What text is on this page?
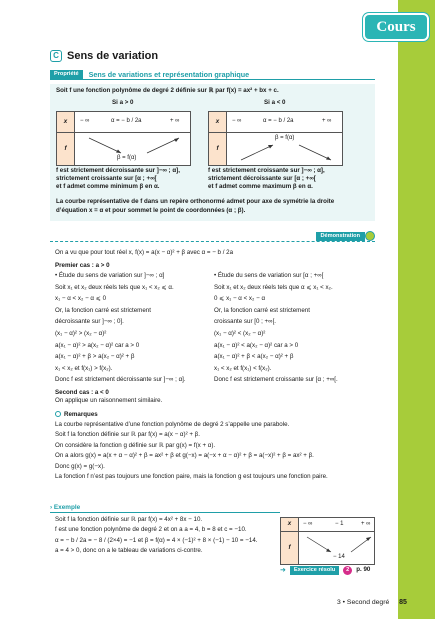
Cours
C Sens de variation
Propriété	Sens de variations et représentation graphique
Soit f une fonction polynôme de degré 2 définie sur ℝ par f(x) = ax² + bx + c.
Si a > 0	Si a < 0
x	− ∞	α = − b / 2a	+ ∞
f
β = f(α)
x	− ∞	α = − b / 2a	+ ∞
f
β = f(α)
f est strictement décroissante sur ]−∞ ; α],
strictement croissante sur [α ; +∞[
et f admet comme minimum β en α.
f est strictement croissante sur ]−∞ ; α],
strictement décroissante sur [α ; +∞[
et f admet comme maximum β en α.
La courbe représentative de f dans un repère orthonormé admet pour axe de symétrie la droite
d’équation x = α et pour sommet le point de coordonnées (α ; β).
Démonstration
On a vu que pour tout réel x, f(x) = a(x − α)² + β avec α = − b / 2a
Premier cas : a > 0
• Étude du sens de variation sur ]−∞ ; α]
Soit x₁ et x₂ deux réels tels que x₁ < x₂ ⩽ α.
x₁ − α < x₂ − α ⩽ 0
Or, la fonction carré est strictement
décroissante sur ]−∞ ; 0].
(x₁ − α)² > (x₂ − α)²
a(x₁ − α)² > a(x₂ − α)² car a > 0
a(x₁ − α)² + β > a(x₂ − α)² + β
x₁ < x₂ et f(x₁) > f(x₂).
Donc f est strictement décroissante sur ]−∞ ; α].
• Étude du sens de variation sur [α ; +∞[
Soit x₁ et x₂ deux réels tels que α ⩽ x₁ < x₂.
0 ⩽ x₁ − α < x₂ − α
Or, la fonction carré est strictement
croissante sur [0 ; +∞[.
(x₁ − α)² < (x₂ − α)²
a(x₁ − α)² < a(x₂ − α)² car a > 0
a(x₁ − α)² + β < a(x₂ − α)² + β
x₁ < x₂ et f(x₁) < f(x₂).
Donc f est strictement croissante sur [α ; +∞[.
Second cas : a < 0
On applique un raisonnement similaire.
Remarques
La courbe représentative d’une fonction polynôme de degré 2 s’appelle une parabole.
Soit f la fonction définie sur ℝ par f(x) = a(x − α)² + β.
On considère la fonction g définie sur ℝ par g(x) = f(x + α).
On a alors g(x) = a(x + α − α)² + β = ax² + β et g(−x) = a(−x + α − α)² + β = a(−x)² + β = ax² + β.
Donc g(x) = g(−x).
La fonction f n’est pas toujours une fonction paire, mais la fonction g est toujours une fonction paire.
› Exemple
Soit f la fonction définie sur ℝ par f(x) = 4x² + 8x − 10.
f est une fonction polynôme de degré 2 et on a a = 4, b = 8 et c = −10.
α = − b / 2a = − 8 / (2×4) = −1 et β = f(α) = 4 × (−1)² + 8 × (−1) − 10 = −14.
a = 4 > 0, donc on a le tableau de variations ci-contre.
x	− ∞	− 1	+ ∞
f
− 14
➜	Exercice résolu	2	p. 90
3 • Second degré 85
